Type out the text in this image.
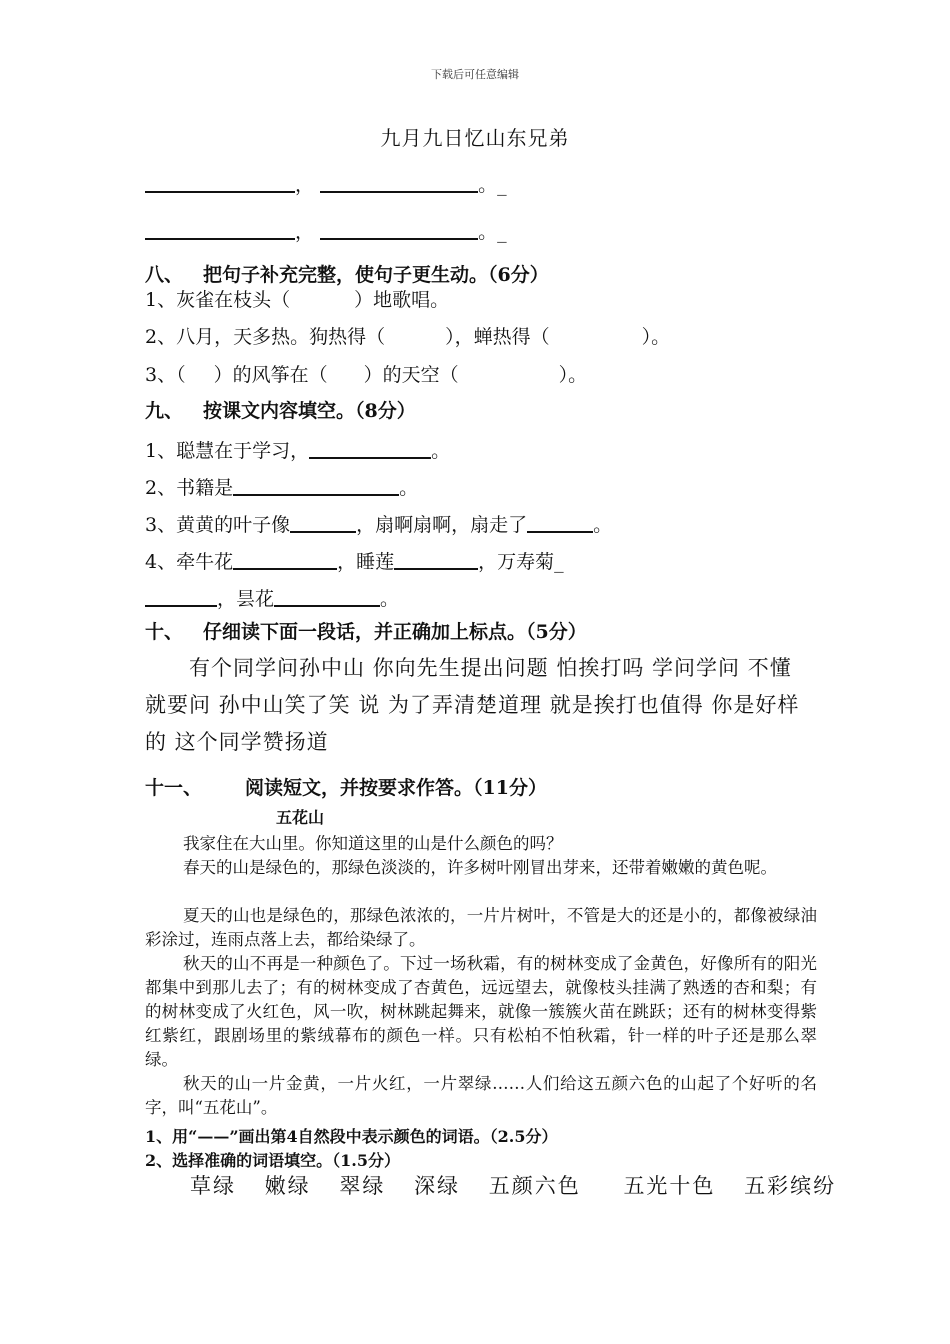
下载后可任意编辑
九月九日忆山东兄弟
，	。_
，	。_
八、 把句子补充完整，使句子更生动。（6分）
1、灰雀在枝头（	）地歌唱。
2、八月，天多热。狗热得（	），蝉热得（	）。
3、（ ）的风筝在（ ）的天空（	）。
九、 按课文内容填空。（8分）
1、聪慧在于学习，	。
2、书籍是	。
3、黄黄的叶子像	，扇啊扇啊，扇走了	。
4、牵牛花	，睡莲	，万寿菊_
，昙花	。
十、 仔细读下面一段话，并正确加上标点。（5分）
有个同学问孙中山 你向先生提出问题 怕挨打吗 学问学问 不懂就要问 孙中山笑了笑 说 为了弄清楚道理 就是挨打也值得 你是好样的 这个同学赞扬道
十一、 阅读短文，并按要求作答。（11分）
五花山
我家住在大山里。你知道这里的山是什么颜色的吗？
春天的山是绿色的，那绿色淡淡的，许多树叶刚冒出芽来，还带着嫩嫩的黄色呢。
夏天的山也是绿色的，那绿色浓浓的，一片片树叶，不管是大的还是小的，都像被绿油彩涂过，连雨点落上去，都给染绿了。
秋天的山不再是一种颜色了。下过一场秋霜，有的树林变成了金黄色，好像所有的阳光都集中到那儿去了；有的树林变成了杏黄色，远远望去，就像枝头挂满了熟透的杏和梨；有的树林变成了火红色，风一吹，树林跳起舞来，就像一簇簇火苗在跳跃；还有的树林变得紫红紫红，跟剧场里的紫绒幕布的颜色一样。只有松柏不怕秋霜，针一样的叶子还是那么翠绿。
秋天的山一片金黄，一片火红，一片翠绿……人们给这五颜六色的山起了个好听的名字，叫“五花山”。
1、用“——”画出第4自然段中表示颜色的词语。（2.5分）
2、选择准确的词语填空。（1.5分）
草绿 嫩绿 翠绿 深绿 五颜六色 五光十色 五彩缤纷
